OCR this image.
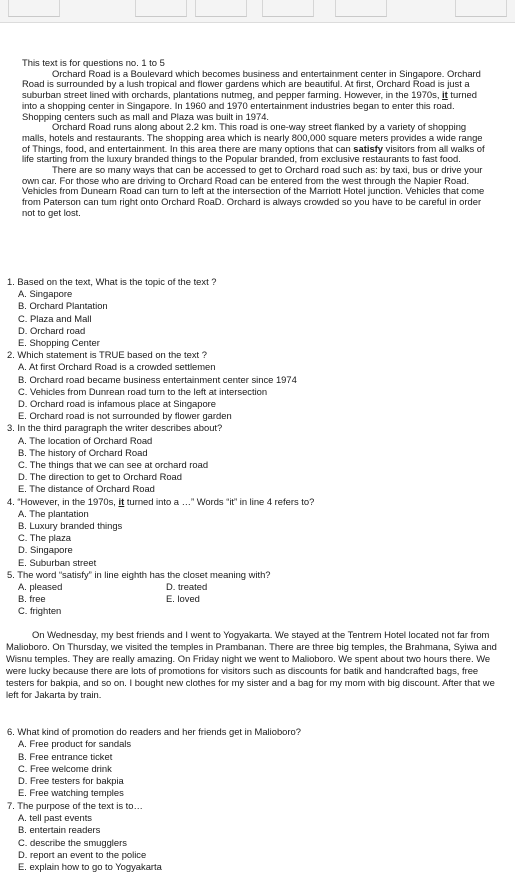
This text is for questions no. 1 to 5

Orchard Road is a Boulevard which becomes business and entertainment center in Singapore. Orchard Road is surrounded by a lush tropical and flower gardens which are beautiful. At first, Orchard Road is just a suburban street lined with orchards, plantations nutmeg, and pepper farming. However, in the 1970s, it turned into a shopping center in Singapore. In 1960 and 1970 entertainment industries began to enter this road. Shopping centers such as mall and Plaza was built in 1974.

Orchard Road runs along about 2.2 km. This road is one-way street flanked by a variety of shopping malls, hotels and restaurants. The shopping area which is nearly 800,000 square meters provides a wide range of Things, food, and entertainment. In this area there are many options that can satisfy visitors from all walks of life starting from the luxury branded things to the Popular branded, from exclusive restaurants to fast food.

There are so many ways that can be accessed to get to Orchard road such as: by taxi, bus or drive your own car. For those who are driving to Orchard Road can be entered from the west through the Napier Road. Vehicles from Dunearn Road can turn to left at the intersection of the Marriott Hotel junction. Vehicles that come from Paterson can tum right onto Orchard RoaD. Orchard is always crowded so you have to be careful in order not to get lost.

1. Based on the text, What is the topic of the text ?

A. Singapore
B. Orchard Plantation
C. Plaza and Mall
D. Orchard road
E. Shopping Center

2. Which statement is TRUE based on the text ?

A. At first Orchard Road is a crowded settlemen
B. Orchard road became business entertainment center since 1974
C. Vehicles from Dunrean road turn to the left at intersection
D. Orchard road is infamous place at Singapore
E. Orchard road is not surrounded by flower garden

3. In the third paragraph the writer describes about?

A. The location of Orchard Road
B. The history of Orchard Road
C. The things that we can see at orchard road
D. The direction to get to Orchard Road
E. The distance of Orchard Road

4. “However, in the 1970s, it turned into a …” Words “it” in line 4 refers to?

A. The plantation
B. Luxury branded things
C. The plaza
D. Singapore
E. Suburban street

5. The word “satisfy” in line eighth has the closet meaning with?

A. pleased	D. treated
B. free	E. loved
C. frighten

On Wednesday, my best friends and I went to Yogyakarta. We stayed at the Tentrem Hotel located not far from Malioboro. On Thursday, we visited the temples in Prambanan. There are three big temples, the Brahmana, Syiwa and Wisnu temples. They are really amazing. On Friday night we went to Malioboro. We spent about two hours there. We were lucky because there are lots of promotions for visitors such as discounts for batik and handcrafted bags, free testers for bakpia, and so on. I bought new clothes for my sister and a bag for my mom with big discount. After that we left for Jakarta by train.

6. What kind of promotion do readers and her friends get in Malioboro?

A. Free product for sandals
B. Free entrance ticket
C. Free welcome drink
D. Free testers for bakpia
E. Free watching temples

7. The purpose of the text is to…

A. tell past events
B. entertain readers
C. describe the smugglers
D. report an event to the police
E. explain how to go to Yogyakarta
